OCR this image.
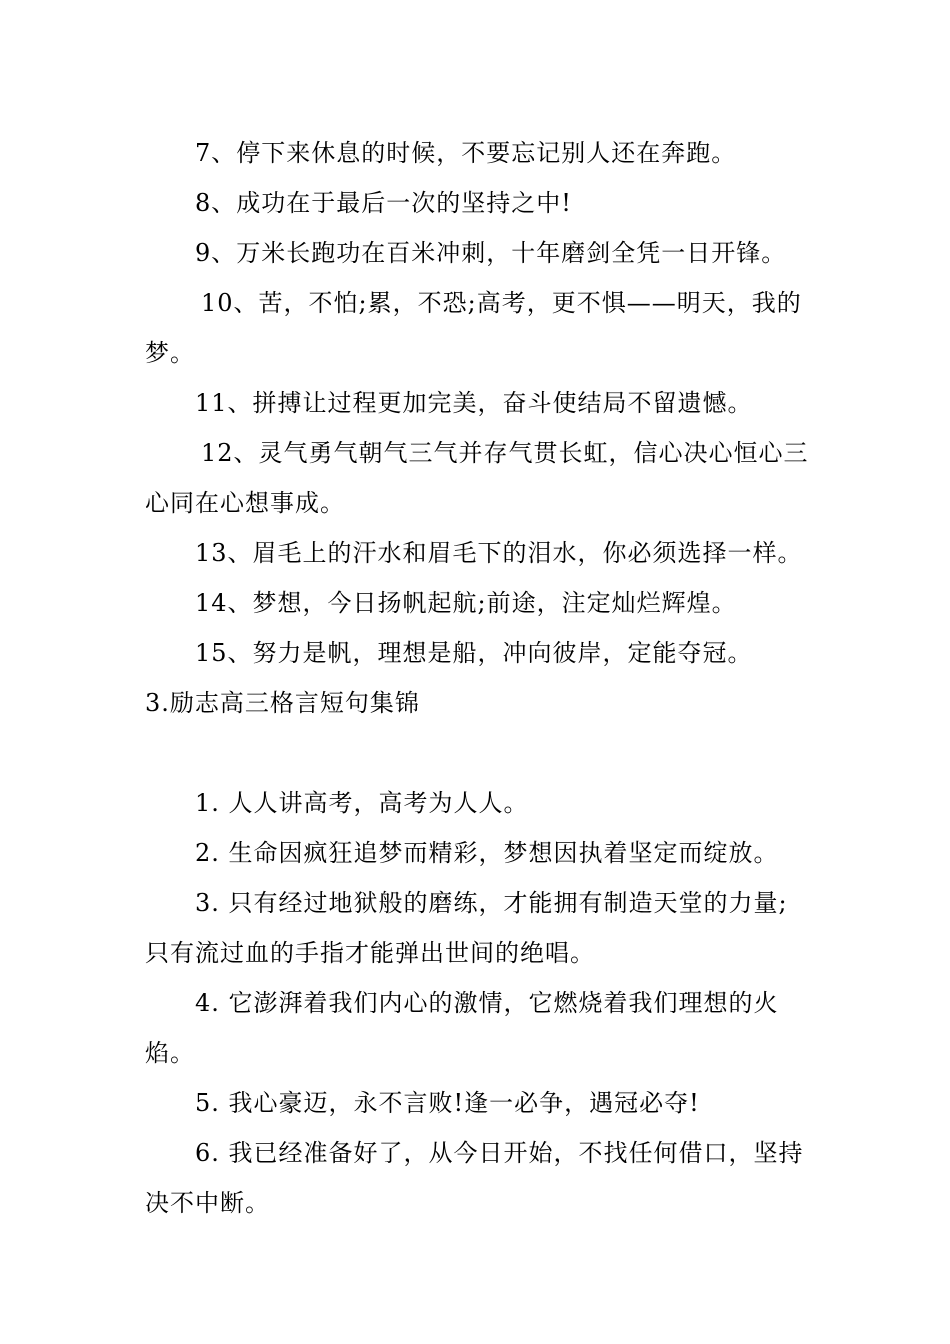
7、停下来休息的时候，不要忘记别人还在奔跑。

8、成功在于最后一次的坚持之中!

9、万米长跑功在百米冲刺，十年磨剑全凭一日开锋。

10、苦，不怕;累，不恐;高考，更不惧——明天，我的梦。

11、拼搏让过程更加完美，奋斗使结局不留遗憾。

12、灵气勇气朝气三气并存气贯长虹，信心决心恒心三心同在心想事成。

13、眉毛上的汗水和眉毛下的泪水，你必须选择一样。

14、梦想，今日扬帆起航;前途，注定灿烂辉煌。

15、努力是帆，理想是船，冲向彼岸，定能夺冠。

3.励志高三格言短句集锦

1. 人人讲高考，高考为人人。

2. 生命因疯狂追梦而精彩，梦想因执着坚定而绽放。

3. 只有经过地狱般的磨练，才能拥有制造天堂的力量;只有流过血的手指才能弹出世间的绝唱。

4. 它澎湃着我们内心的激情，它燃烧着我们理想的火焰。

5. 我心豪迈，永不言败!逢一必争，遇冠必夺!

6. 我已经准备好了，从今日开始，不找任何借口，坚持决不中断。
